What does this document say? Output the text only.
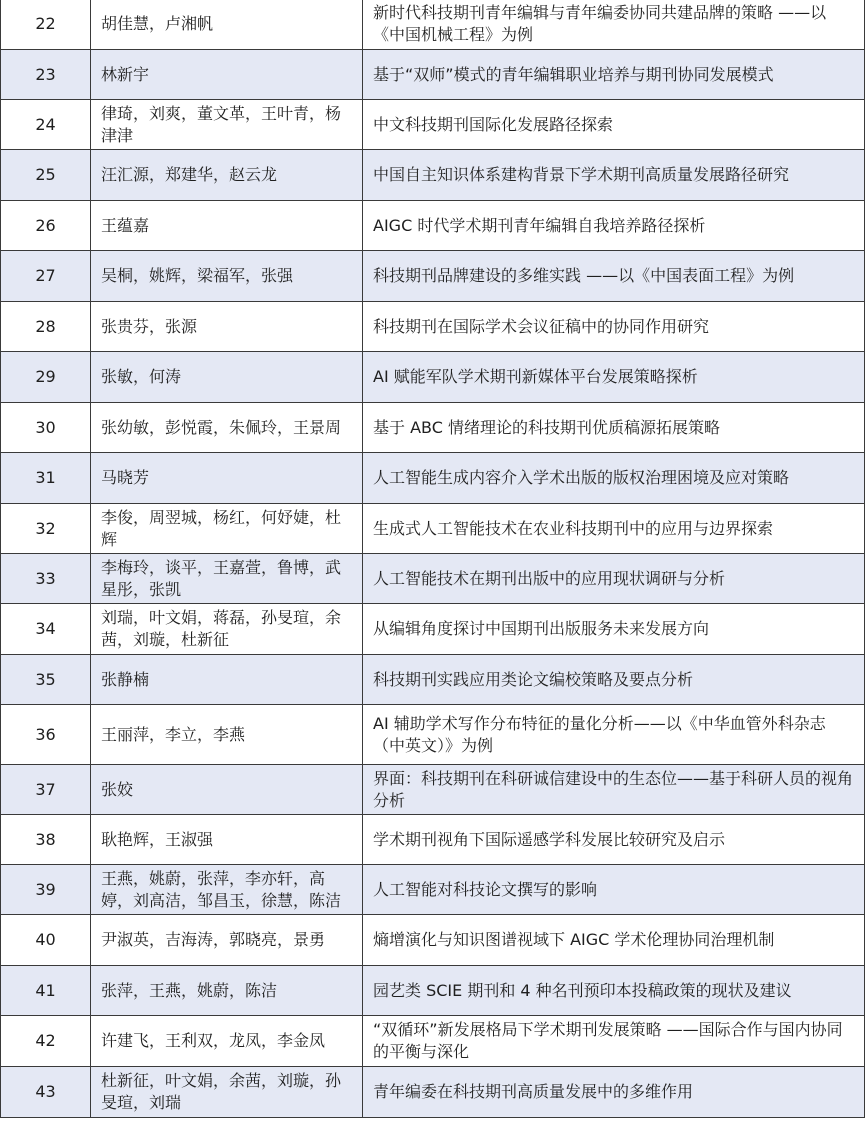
22	胡佳慧，卢湘帆	新时代科技期刊青年编辑与青年编委协同共建品牌的策略 ——以《中国机械工程》为例

23	林新宇	基于“双师”模式的青年编辑职业培养与期刊协同发展模式

24	律琦，刘爽，董文革，王叶青，杨津津	中文科技期刊国际化发展路径探索

25	汪汇源，郑建华，赵云龙	中国自主知识体系建构背景下学术期刊高质量发展路径研究

26	王蕴嘉	AIGC 时代学术期刊青年编辑自我培养路径探析

27	吴桐，姚辉，梁福军，张强	科技期刊品牌建设的多维实践 ——以《中国表面工程》为例

28	张贵芬，张源	科技期刊在国际学术会议征稿中的协同作用研究

29	张敏，何涛	AI 赋能军队学术期刊新媒体平台发展策略探析

30	张幼敏，彭悦霞，朱佩玲，王景周	基于 ABC 情绪理论的科技期刊优质稿源拓展策略

31	马晓芳	人工智能生成内容介入学术出版的版权治理困境及应对策略

32	李俊，周翌城，杨红，何妤婕，杜辉	生成式人工智能技术在农业科技期刊中的应用与边界探索

33	李梅玲，谈平，王嘉萱，鲁博，武星彤，张凯	人工智能技术在期刊出版中的应用现状调研与分析

34	刘瑞，叶文娟，蒋磊，孙旻瑄，余茜，刘璇，杜新征	从编辑角度探讨中国期刊出版服务未来发展方向

35	张静楠	科技期刊实践应用类论文编校策略及要点分析

36	王丽萍，李立，李燕	AI 辅助学术写作分布特征的量化分析——以《中华血管外科杂志（中英文）》为例

37	张姣	界面：科技期刊在科研诚信建设中的生态位——基于科研人员的视角分析

38	耿艳辉，王淑强	学术期刊视角下国际遥感学科发展比较研究及启示

39	王燕，姚蔚，张萍，李亦轩，高婷，刘高洁，邹昌玉，徐慧，陈洁	人工智能对科技论文撰写的影响

40	尹淑英，吉海涛，郭晓亮，景勇	熵增演化与知识图谱视域下 AIGC 学术伦理协同治理机制

41	张萍，王燕，姚蔚，陈洁	园艺类 SCIE 期刊和 4 种名刊预印本投稿政策的现状及建议

42	许建飞，王利双，龙凤，李金凤	“双循环”新发展格局下学术期刊发展策略 ——国际合作与国内协同的平衡与深化

43	杜新征，叶文娟，余茜，刘璇，孙旻瑄，刘瑞	青年编委在科技期刊高质量发展中的多维作用
